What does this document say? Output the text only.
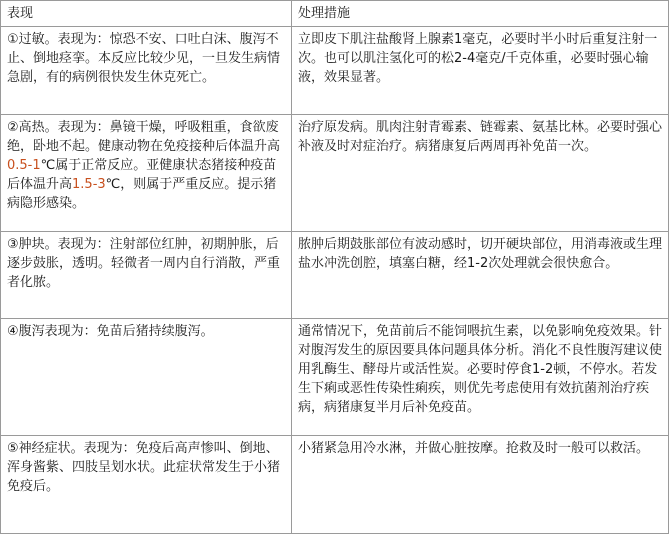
表现	处理措施
①过敏。表现为：惊恐不安、口吐白沫、腹泻不止、倒地痉挛。本反应比较少见，一旦发生病情急剧，有的病例很快发生休克死亡。	立即皮下肌注盐酸肾上腺素1毫克，必要时半小时后重复注射一次。也可以肌注氢化可的松2-4毫克/千克体重，必要时强心输液，效果显著。
②高热。表现为：鼻镜干燥，呼吸粗重，食欲废绝，卧地不起。健康动物在免疫接种后体温升高0.5-1℃属于正常反应。亚健康状态猪接种疫苗后体温升高1.5-3℃，则属于严重反应。提示猪病隐形感染。	治疗原发病。肌肉注射青霉素、链霉素、氨基比林。必要时强心补液及时对症治疗。病猪康复后两周再补免苗一次。
③肿块。表现为：注射部位红肿，初期肿胀，后逐步鼓胀，透明。轻微者一周内自行消散，严重者化脓。	脓肿后期鼓胀部位有波动感时，切开硬块部位，用消毒液或生理盐水冲洗创腔，填塞白糖，经1-2次处理就会很快愈合。
④腹泻表现为：免苗后猪持续腹泻。	通常情况下，免苗前后不能饲喂抗生素，以免影响免疫效果。针对腹泻发生的原因要具体问题具体分析。消化不良性腹泻建议使用乳酶生、酵母片或活性炭。必要时停食1-2顿，不停水。若发生下痢或恶性传染性痢疾，则优先考虑使用有效抗菌剂治疗疾病，病猪康复半月后补免疫苗。
⑤神经症状。表现为：免疫后高声惨叫、倒地、浑身酱紫、四肢呈划水状。此症状常发生于小猪免疫后。	小猪紧急用冷水淋，并做心脏按摩。抢救及时一般可以救活。
